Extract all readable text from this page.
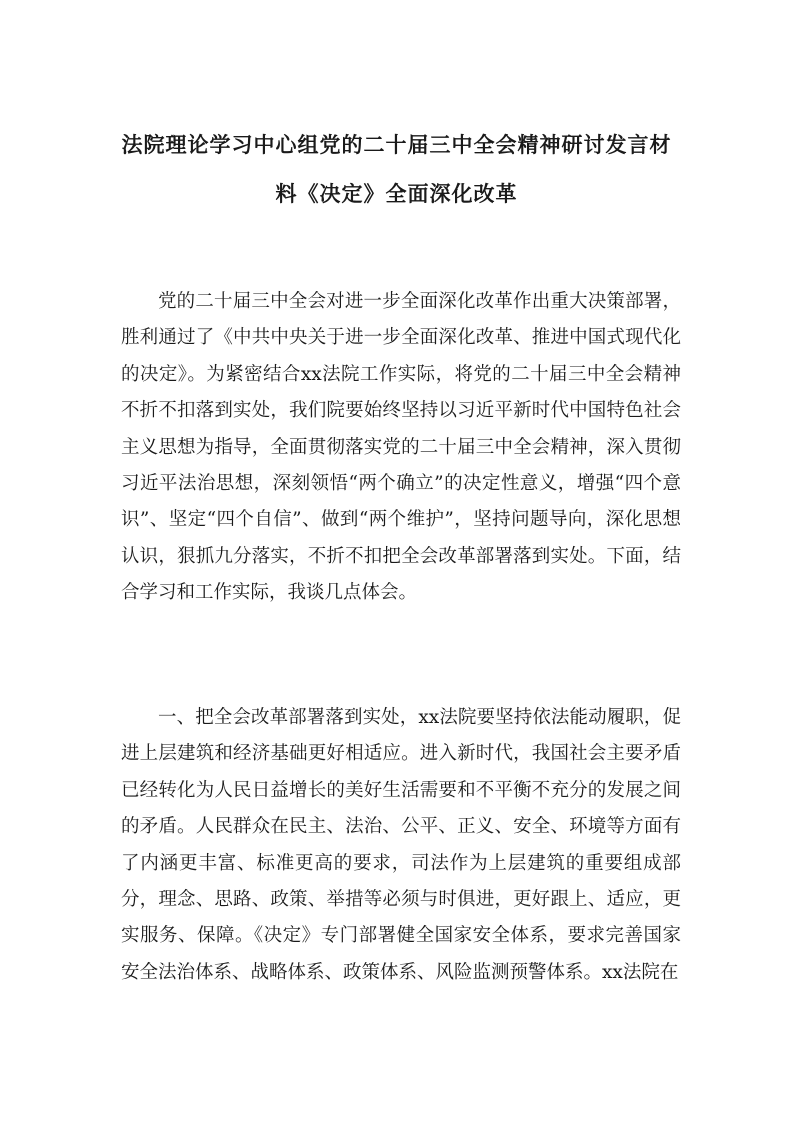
法院理论学习中心组党的二十届三中全会精神研讨发言材
料《决定》全面深化改革
党的二十届三中全会对进一步全面深化改革作出重大决策部署，胜利通过了《中共中央关于进一步全面深化改革、推进中国式现代化的决定》。为紧密结合xx法院工作实际，将党的二十届三中全会精神不折不扣落到实处，我们院要始终坚持以习近平新时代中国特色社会主义思想为指导，全面贯彻落实党的二十届三中全会精神，深入贯彻习近平法治思想，深刻领悟“两个确立”的决定性意义，增强“四个意识”、坚定“四个自信”、做到“两个维护”，坚持问题导向，深化思想认识，狠抓九分落实，不折不扣把全会改革部署落到实处。下面，结合学习和工作实际，我谈几点体会。
一、把全会改革部署落到实处，xx法院要坚持依法能动履职，促进上层建筑和经济基础更好相适应。进入新时代，我国社会主要矛盾已经转化为人民日益增长的美好生活需要和不平衡不充分的发展之间的矛盾。人民群众在民主、法治、公平、正义、安全、环境等方面有了内涵更丰富、标准更高的要求，司法作为上层建筑的重要组成部分，理念、思路、政策、举措等必须与时俱进，更好跟上、适应，更实服务、保障。《决定》专门部署健全国家安全体系，要求完善国家安全法治体系、战略体系、政策体系、风险监测预警体系。xx法院在
